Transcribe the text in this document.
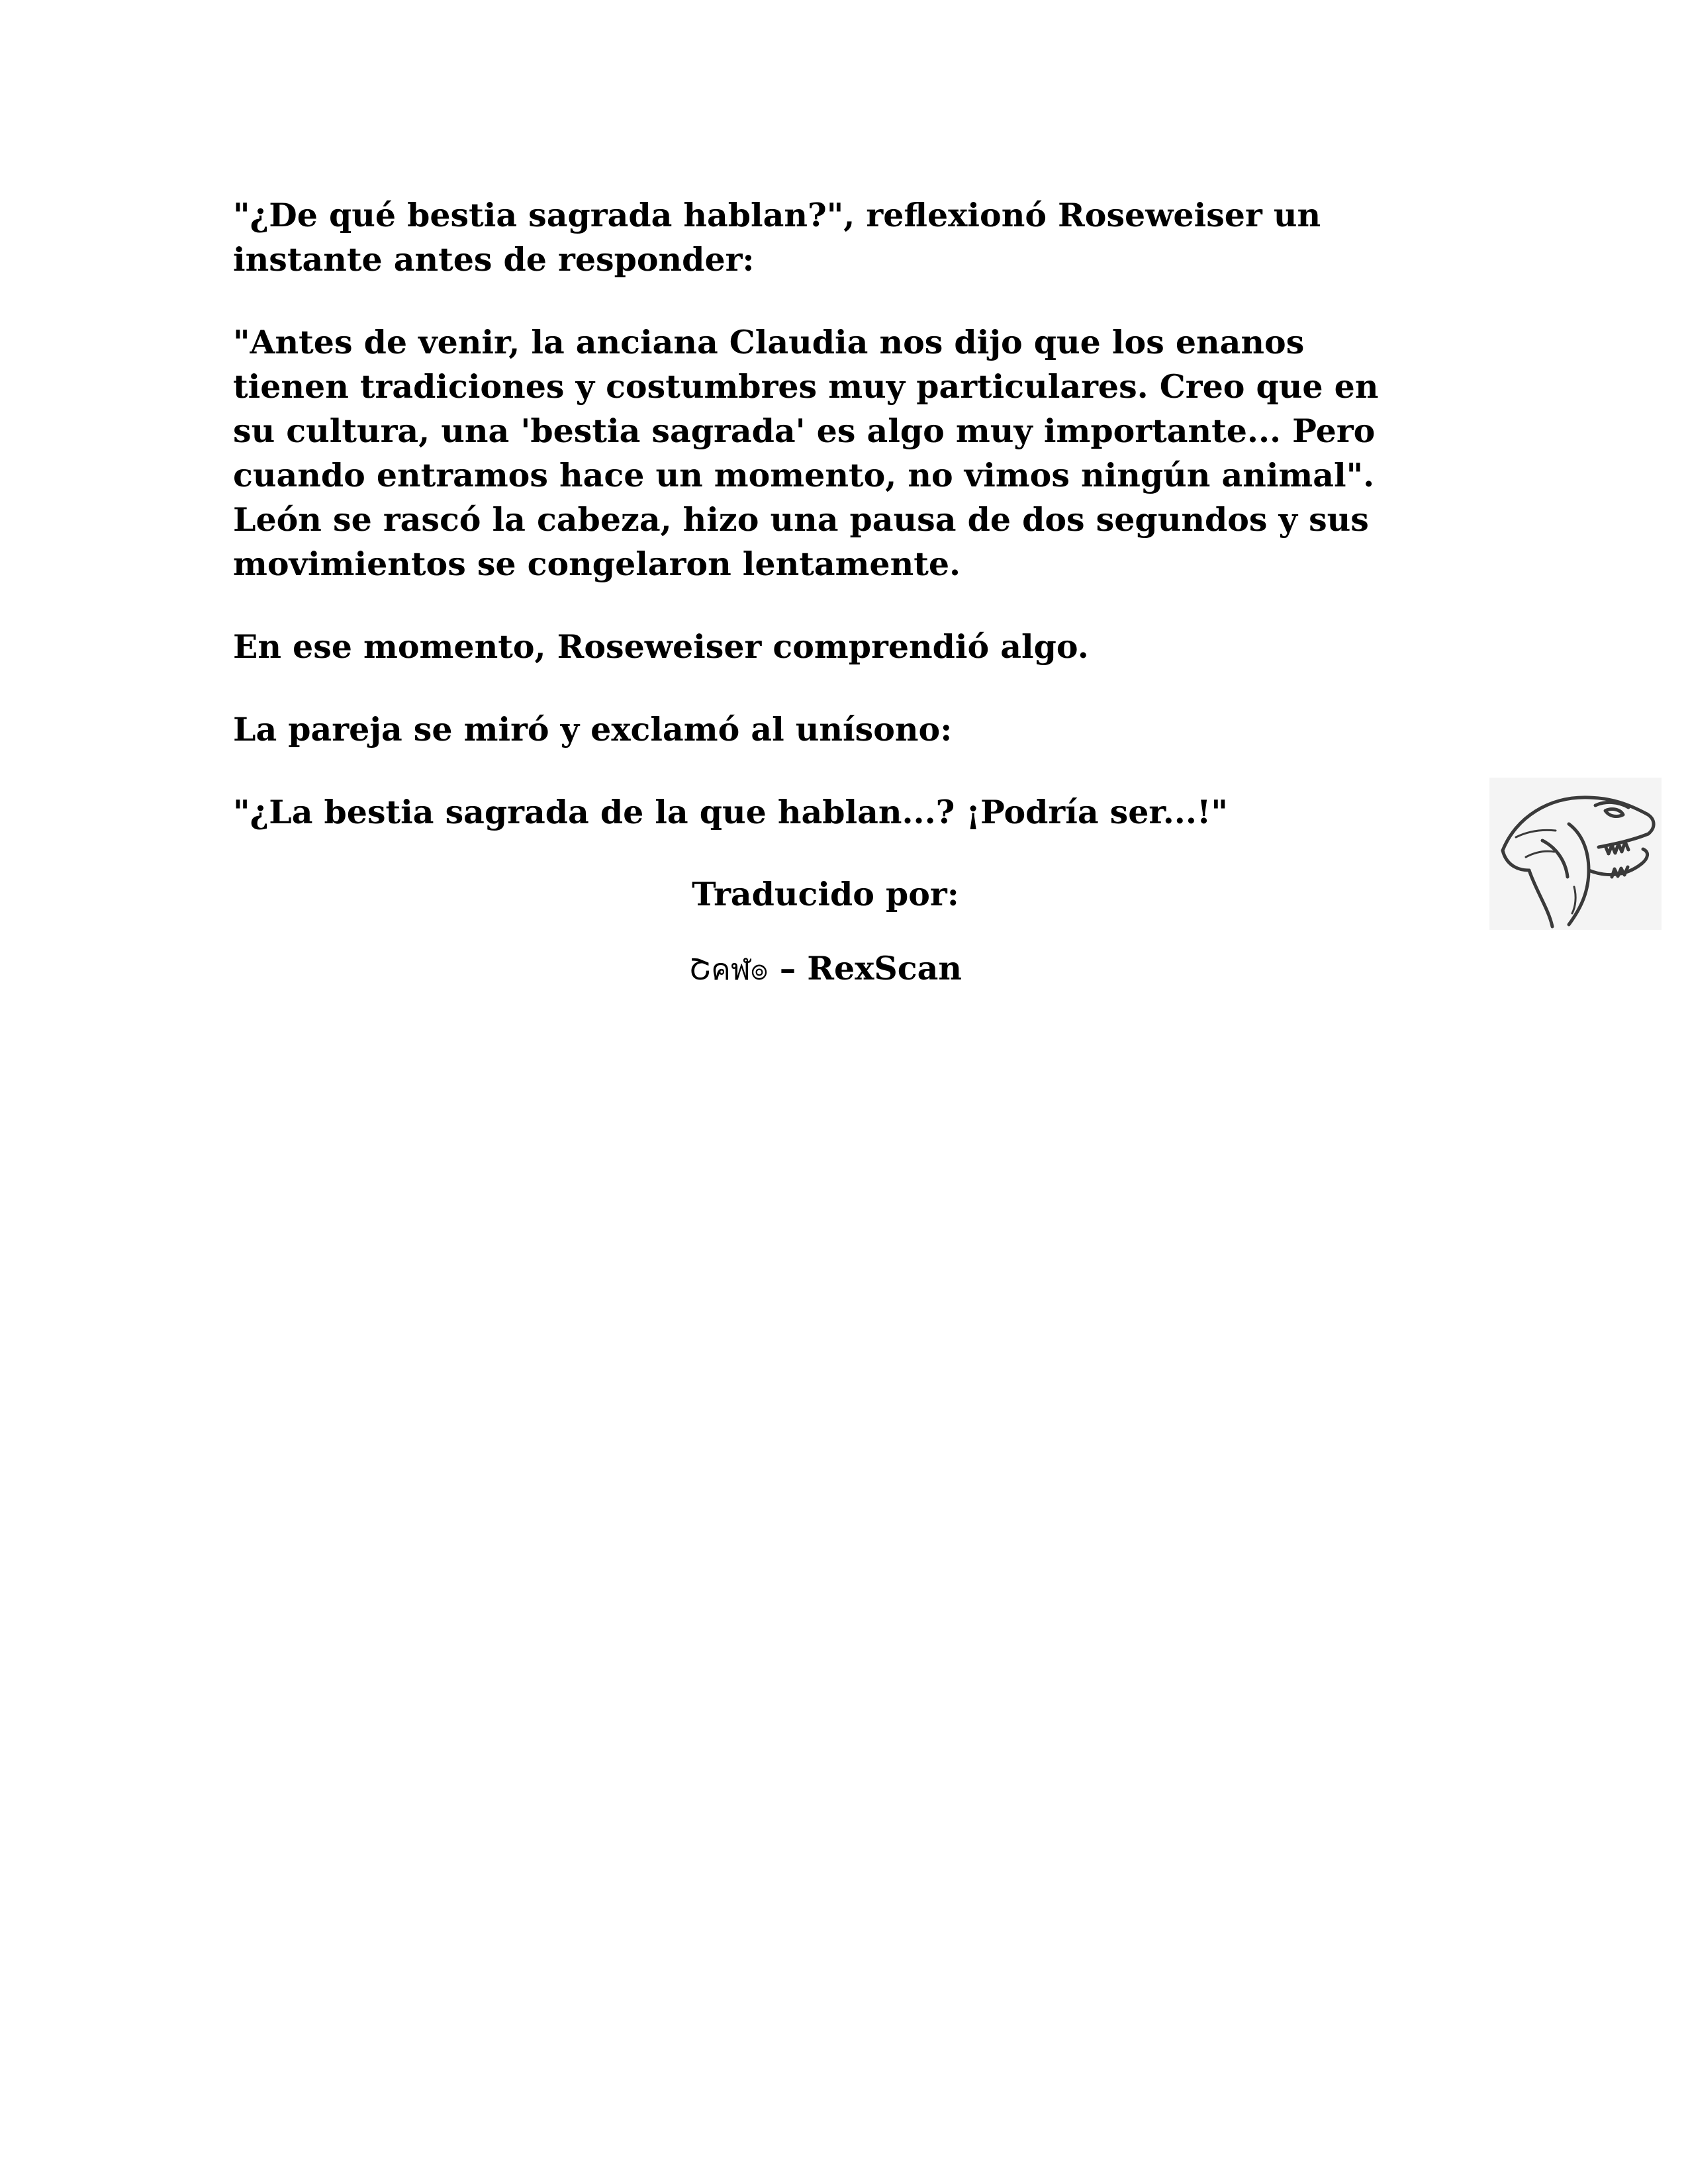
"¿De qué bestia sagrada hablan?", reflexionó Roseweiser un instante antes de responder:

"Antes de venir, la anciana Claudia nos dijo que los enanos tienen tradiciones y costumbres muy particulares. Creo que en su cultura, una 'bestia sagrada' es algo muy importante... Pero cuando entramos hace un momento, no vimos ningún animal". León se rascó la cabeza, hizo una pausa de dos segundos y sus movimientos se congelaron lentamente.

En ese momento, Roseweiser comprendió algo.

La pareja se miró y exclamó al unísono:

"¿La bestia sagrada de la que hablan...? ¡Podría ser...!"

Traducido por:
Շคฬ๏ – RexScan
